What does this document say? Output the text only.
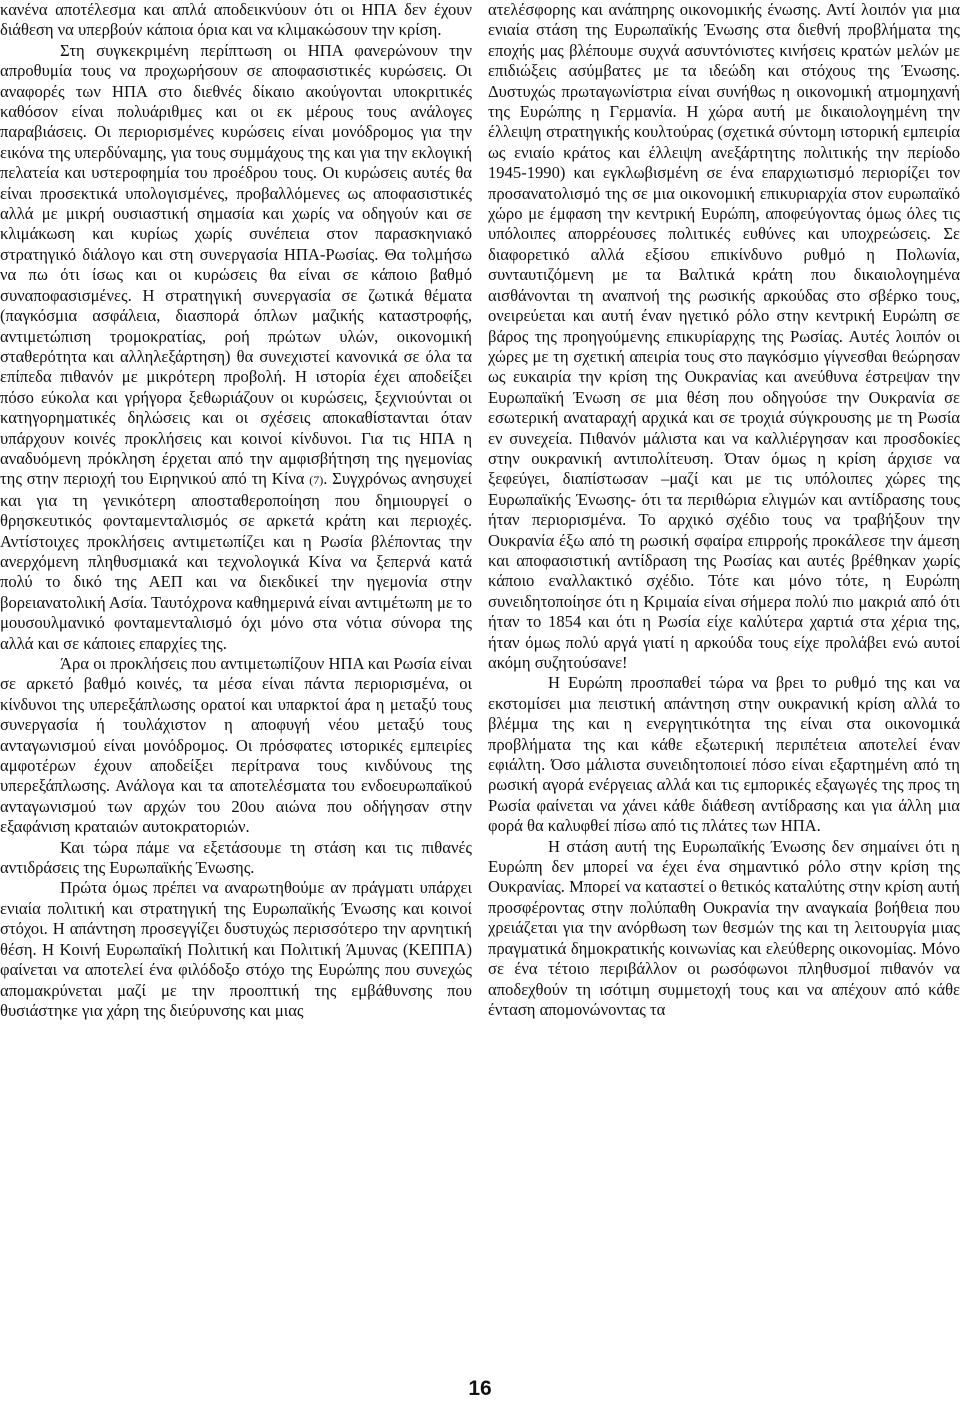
κανένα αποτέλεσμα και απλά αποδεικνύουν ότι οι ΗΠΑ δεν έχουν διάθεση να υπερβούν κάποια όρια και να κλιμακώσουν την κρίση.

Στη συγκεκριμένη περίπτωση οι ΗΠΑ φανερώνουν την απροθυμία τους να προχωρήσουν σε αποφασιστικές κυρώσεις. Οι αναφορές των ΗΠΑ στο διεθνές δίκαιο ακούγονται υποκριτικές καθόσον είναι πολυάριθμες και οι εκ μέρους τους ανάλογες παραβιάσεις. Οι περιορισμένες κυρώσεις είναι μονόδρομος για την εικόνα της υπερδύναμης, για τους συμμάχους της και για την εκλογική πελατεία και υστεροφημία του προέδρου τους. Οι κυρώσεις αυτές θα είναι προσεκτικά υπολογισμένες, προβαλλόμενες ως αποφασιστικές αλλά με μικρή ουσιαστική σημασία και χωρίς να οδηγούν και σε κλιμάκωση και κυρίως χωρίς συνέπεια στον παρασκηνιακό στρατηγικό διάλογο και στη συνεργασία ΗΠΑ-Ρωσίας. Θα τολμήσω να πω ότι ίσως και οι κυρώσεις θα είναι σε κάποιο βαθμό συναποφασισμένες. Η στρατηγική συνεργασία σε ζωτικά θέματα (παγκόσμια ασφάλεια, διασπορά όπλων μαζικής καταστροφής, αντιμετώπιση τρομοκρατίας, ροή πρώτων υλών, οικονομική σταθερότητα και αλληλεξάρτηση) θα συνεχιστεί κανονικά σε όλα τα επίπεδα πιθανόν με μικρότερη προβολή. Η ιστορία έχει αποδείξει πόσο εύκολα και γρήγορα ξεθωριάζουν οι κυρώσεις, ξεχνιούνται οι κατηγορηματικές δηλώσεις και οι σχέσεις αποκαθίστανται όταν υπάρχουν κοινές προκλήσεις και κοινοί κίνδυνοι. Για τις ΗΠΑ η αναδυόμενη πρόκληση έρχεται από την αμφισβήτηση της ηγεμονίας της στην περιοχή του Ειρηνικού από τη Κίνα (7). Συγχρόνως ανησυχεί και για τη γενικότερη αποσταθεροποίηση που δημιουργεί ο θρησκευτικός φονταμενταλισμός σε αρκετά κράτη και περιοχές. Αντίστοιχες προκλήσεις αντιμετωπίζει και η Ρωσία βλέποντας την ανερχόμενη πληθυσμιακά και τεχνολογικά Κίνα να ξεπερνά κατά πολύ το δικό της ΑΕΠ και να διεκδικεί την ηγεμονία στην βορειανατολική Ασία. Ταυτόχρονα καθημερινά είναι αντιμέτωπη με το μουσουλμανικό φονταμενταλισμό όχι μόνο στα νότια σύνορα της αλλά και σε κάποιες επαρχίες της.

Άρα οι προκλήσεις που αντιμετωπίζουν ΗΠΑ και Ρωσία είναι σε αρκετό βαθμό κοινές, τα μέσα είναι πάντα περιορισμένα, οι κίνδυνοι της υπερεξάπλωσης ορατοί και υπαρκτοί άρα η μεταξύ τους συνεργασία ή τουλάχιστον η αποφυγή νέου μεταξύ τους ανταγωνισμού είναι μονόδρομος. Οι πρόσφατες ιστορικές εμπειρίες αμφοτέρων έχουν αποδείξει περίτρανα τους κινδύνους της υπερεξάπλωσης. Ανάλογα και τα αποτελέσματα του ενδοευρωπαϊκού ανταγωνισμού των αρχών του 20ου αιώνα που οδήγησαν στην εξαφάνιση κραταιών αυτοκρατοριών.

Και τώρα πάμε να εξετάσουμε τη στάση και τις πιθανές αντιδράσεις της Ευρωπαϊκής Ένωσης.

Πρώτα όμως πρέπει να αναρωτηθούμε αν πράγματι υπάρχει ενιαία πολιτική και στρατηγική της Ευρωπαϊκής Ένωσης και κοινοί στόχοι. Η απάντηση προσεγγίζει δυστυχώς περισσότερο την αρνητική θέση. Η Κοινή Ευρωπαϊκή Πολιτική και Πολιτική Άμυνας (ΚΕΠΠΑ) φαίνεται να αποτελεί ένα φιλόδοξο στόχο της Ευρώπης που συνεχώς απομακρύνεται μαζί με την προοπτική της εμβάθυνσης που θυσιάστηκε για χάρη της διεύρυνσης και μιας

ατελέσφορης και ανάπηρης οικονομικής ένωσης. Αντί λοιπόν για μια ενιαία στάση της Ευρωπαϊκής Ένωσης στα διεθνή προβλήματα της εποχής μας βλέπουμε συχνά ασυντόνιστες κινήσεις κρατών μελών με επιδιώξεις ασύμβατες με τα ιδεώδη και στόχους της Ένωσης. Δυστυχώς πρωταγωνίστρια είναι συνήθως η οικονομική ατμομηχανή της Ευρώπης η Γερμανία. Η χώρα αυτή με δικαιολογημένη την έλλειψη στρατηγικής κουλτούρας (σχετικά σύντομη ιστορική εμπειρία ως ενιαίο κράτος και έλλειψη ανεξάρτητης πολιτικής την περίοδο 1945-1990) και εγκλωβισμένη σε ένα επαρχιωτισμό περιορίζει τον προσανατολισμό της σε μια οικονομική επικυριαρχία στον ευρωπαϊκό χώρο με έμφαση την κεντρική Ευρώπη, αποφεύγοντας όμως όλες τις υπόλοιπες απορρέουσες πολιτικές ευθύνες και υποχρεώσεις. Σε διαφορετικό αλλά εξίσου επικίνδυνο ρυθμό η Πολωνία, συνταυτιζόμενη με τα Βαλτικά κράτη που δικαιολογημένα αισθάνονται τη αναπνοή της ρωσικής αρκούδας στο σβέρκο τους, ονειρεύεται και αυτή έναν ηγετικό ρόλο στην κεντρική Ευρώπη σε βάρος της προηγούμενης επικυρίαρχης της Ρωσίας. Αυτές λοιπόν οι χώρες με τη σχετική απειρία τους στο παγκόσμιο γίγνεσθαι θεώρησαν ως ευκαιρία την κρίση της Ουκρανίας και ανεύθυνα έστρεψαν την Ευρωπαϊκή Ένωση σε μια θέση που οδηγούσε την Ουκρανία σε εσωτερική αναταραχή αρχικά και σε τροχιά σύγκρουσης με τη Ρωσία εν συνεχεία. Πιθανόν μάλιστα και να καλλιέργησαν και προσδοκίες στην ουκρανική αντιπολίτευση. Όταν όμως η κρίση άρχισε να ξεφεύγει, διαπίστωσαν –μαζί και με τις υπόλοιπες χώρες της Ευρωπαϊκής Ένωσης- ότι τα περιθώρια ελιγμών και αντίδρασης τους ήταν περιορισμένα. Το αρχικό σχέδιο τους να τραβήξουν την Ουκρανία έξω από τη ρωσική σφαίρα επιρροής προκάλεσε την άμεση και αποφασιστική αντίδραση της Ρωσίας και αυτές βρέθηκαν χωρίς κάποιο εναλλακτικό σχέδιο. Τότε και μόνο τότε, η Ευρώπη συνειδητοποίησε ότι η Κριμαία είναι σήμερα πολύ πιο μακριά από ότι ήταν το 1854 και ότι η Ρωσία είχε καλύτερα χαρτιά στα χέρια της, ήταν όμως πολύ αργά γιατί η αρκούδα τους είχε προλάβει ενώ αυτοί ακόμη συζητούσανε!

Η Ευρώπη προσπαθεί τώρα να βρει το ρυθμό της και να εκστομίσει μια πειστική απάντηση στην ουκρανική κρίση αλλά το βλέμμα της και η ενεργητικότητα της είναι στα οικονομικά προβλήματα της και κάθε εξωτερική περιπέτεια αποτελεί έναν εφιάλτη. Όσο μάλιστα συνειδητοποιεί πόσο είναι εξαρτημένη από τη ρωσική αγορά ενέργειας αλλά και τις εμπορικές εξαγωγές της προς τη Ρωσία φαίνεται να χάνει κάθε διάθεση αντίδρασης και για άλλη μια φορά θα καλυφθεί πίσω από τις πλάτες των ΗΠΑ.

Η στάση αυτή της Ευρωπαϊκής Ένωσης δεν σημαίνει ότι η Ευρώπη δεν μπορεί να έχει ένα σημαντικό ρόλο στην κρίση της Ουκρανίας. Μπορεί να καταστεί ο θετικός καταλύτης στην κρίση αυτή προσφέροντας στην πολύπαθη Ουκρανία την αναγκαία βοήθεια που χρειάζεται για την ανόρθωση των θεσμών της και τη λειτουργία μιας πραγματικά δημοκρατικής κοινωνίας και ελεύθερης οικονομίας. Μόνο σε ένα τέτοιο περιβάλλον οι ρωσόφωνοι πληθυσμοί πιθανόν να αποδεχθούν τη ισότιμη συμμετοχή τους και να απέχουν από κάθε ένταση απομονώνοντας τα

16
